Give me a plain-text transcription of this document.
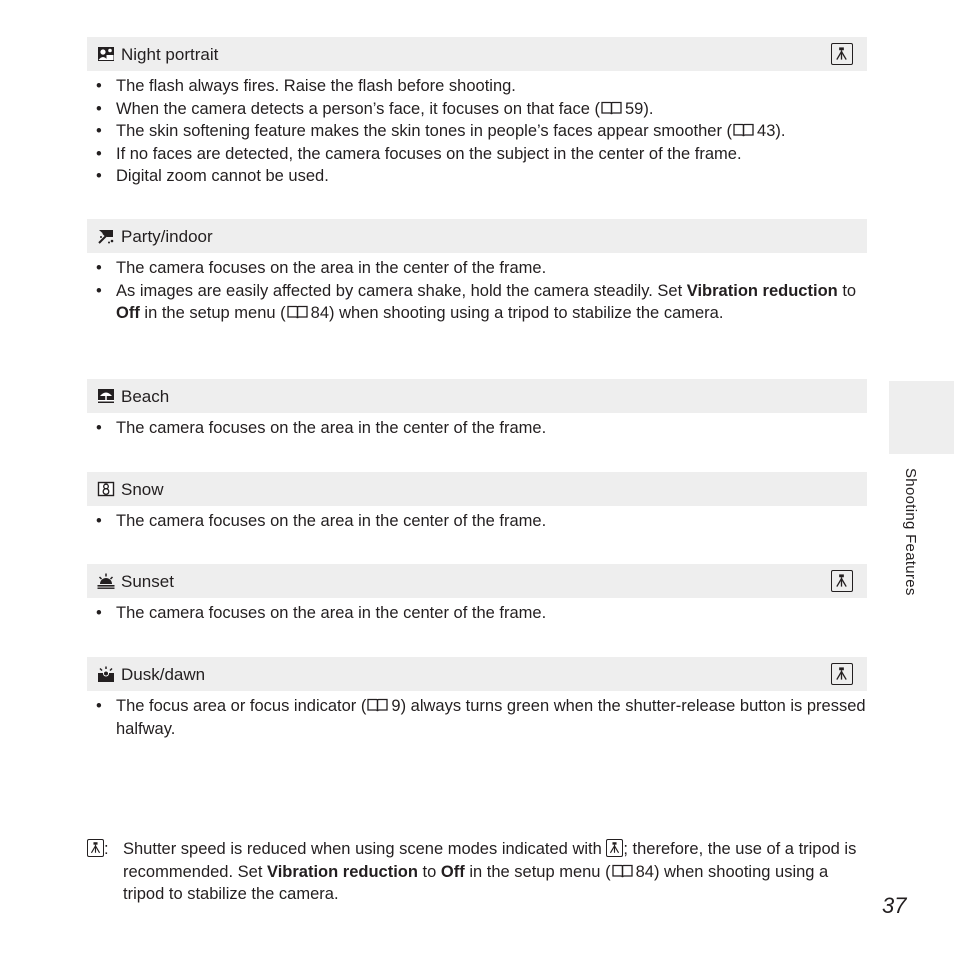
Night portrait
• The flash always fires. Raise the flash before shooting.
• When the camera detects a person’s face, it focuses on that face ( 59).
• The skin softening feature makes the skin tones in people’s faces appear smoother ( 43).
• If no faces are detected, the camera focuses on the subject in the center of the frame.
• Digital zoom cannot be used.
Party/indoor
• The camera focuses on the area in the center of the frame.
• As images are easily affected by camera shake, hold the camera steadily. Set Vibration reduction to Off in the setup menu ( 84) when shooting using a tripod to stabilize the camera.
Beach
• The camera focuses on the area in the center of the frame.
Snow
• The camera focuses on the area in the center of the frame.
Sunset
• The camera focuses on the area in the center of the frame.
Dusk/dawn
• The focus area or focus indicator ( 9) always turns green when the shutter-release button is pressed halfway.
Shooting Features
: Shutter speed is reduced when using scene modes indicated with
; therefore, the use of a tripod is recommended. Set Vibration reduction to Off in the setup menu ( 84) when shooting using a tripod to stabilize the camera.	37
